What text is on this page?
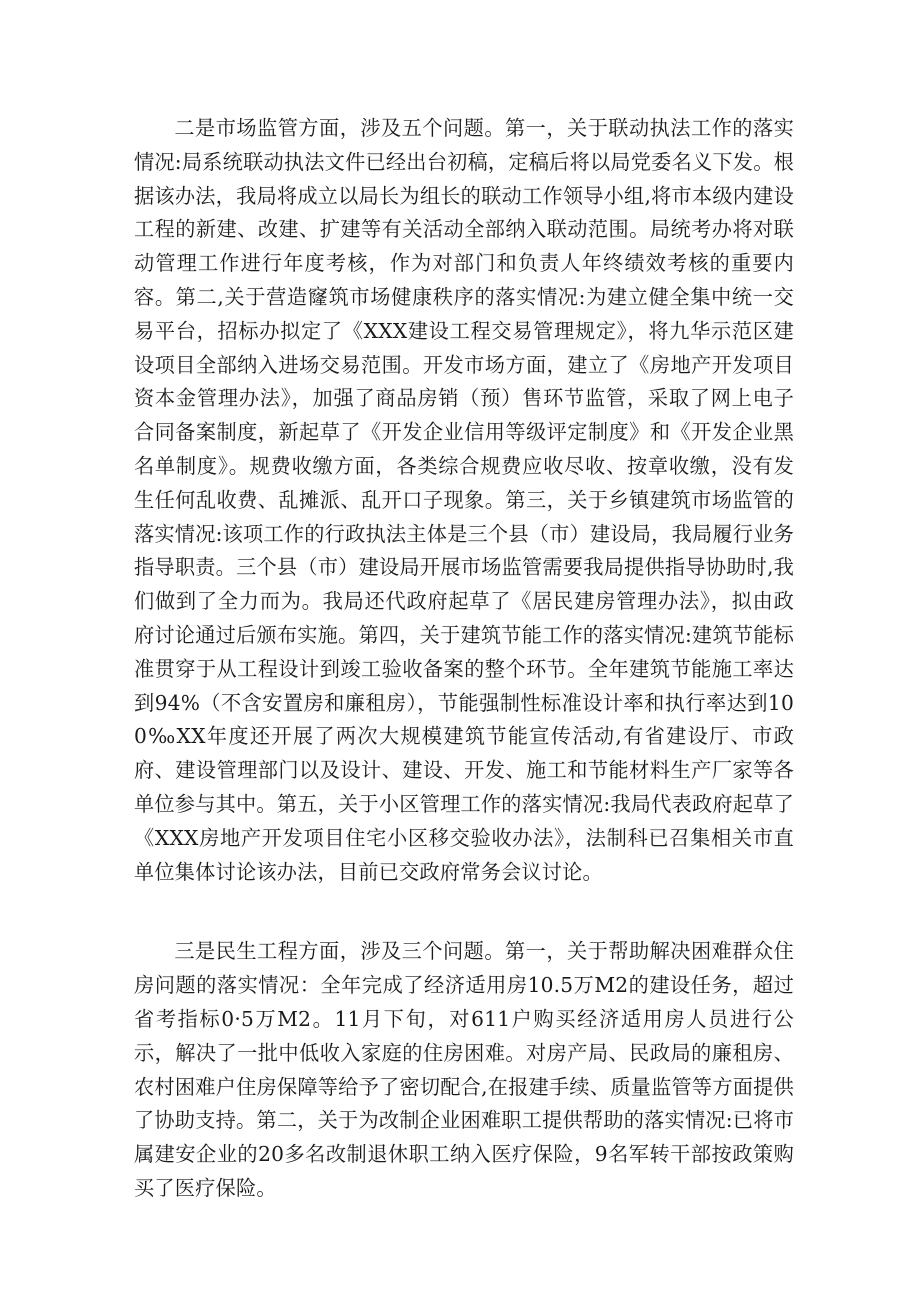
二是市场监管方面，涉及五个问题。第一，关于联动执法工作的落实情况:局系统联动执法文件已经出台初稿，定稿后将以局党委名义下发。根据该办法，我局将成立以局长为组长的联动工作领导小组,将市本级内建设工程的新建、改建、扩建等有关活动全部纳入联动范围。局统考办将对联动管理工作进行年度考核，作为对部门和负责人年终绩效考核的重要内容。第二,关于营造窿筑市场健康秩序的落实情况:为建立健全集中统一交易平台，招标办拟定了《XXX建设工程交易管理规定》，将九华示范区建设项目全部纳入进场交易范围。开发市场方面，建立了《房地产开发项目资本金管理办法》，加强了商品房销（预）售环节监管，采取了网上电子合同备案制度，新起草了《开发企业信用等级评定制度》和《开发企业黑名单制度》。规费收缴方面，各类综合规费应收尽收、按章收缴，没有发生任何乱收费、乱摊派、乱开口子现象。第三，关于乡镇建筑市场监管的落实情况:该项工作的行政执法主体是三个县（市）建设局，我局履行业务指导职责。三个县（市）建设局开展市场监管需要我局提供指导协助时,我们做到了全力而为。我局还代政府起草了《居民建房管理办法》，拟由政府讨论通过后颁布实施。第四，关于建筑节能工作的落实情况:建筑节能标准贯穿于从工程设计到竣工验收备案的整个环节。全年建筑节能施工率达到94%（不含安置房和廉租房），节能强制性标准设计率和执行率达到100‰XX年度还开展了两次大规模建筑节能宣传活动,有省建设厅、市政府、建设管理部门以及设计、建设、开发、施工和节能材料生产厂家等各单位参与其中。第五，关于小区管理工作的落实情况:我局代表政府起草了《XXX房地产开发项目住宅小区移交验收办法》，法制科已召集相关市直单位集体讨论该办法，目前已交政府常务会议讨论。

三是民生工程方面，涉及三个问题。第一，关于帮助解决困难群众住房问题的落实情况：全年完成了经济适用房10.5万M2的建设任务，超过省考指标0·5万M2。11月下旬，对611户购买经济适用房人员进行公示，解决了一批中低收入家庭的住房困难。对房产局、民政局的廉租房、农村困难户住房保障等给予了密切配合,在报建手续、质量监管等方面提供了协助支持。第二，关于为改制企业困难职工提供帮助的落实情况:已将市属建安企业的20多名改制退休职工纳入医疗保险，9名军转干部按政策购买了医疗保险。
